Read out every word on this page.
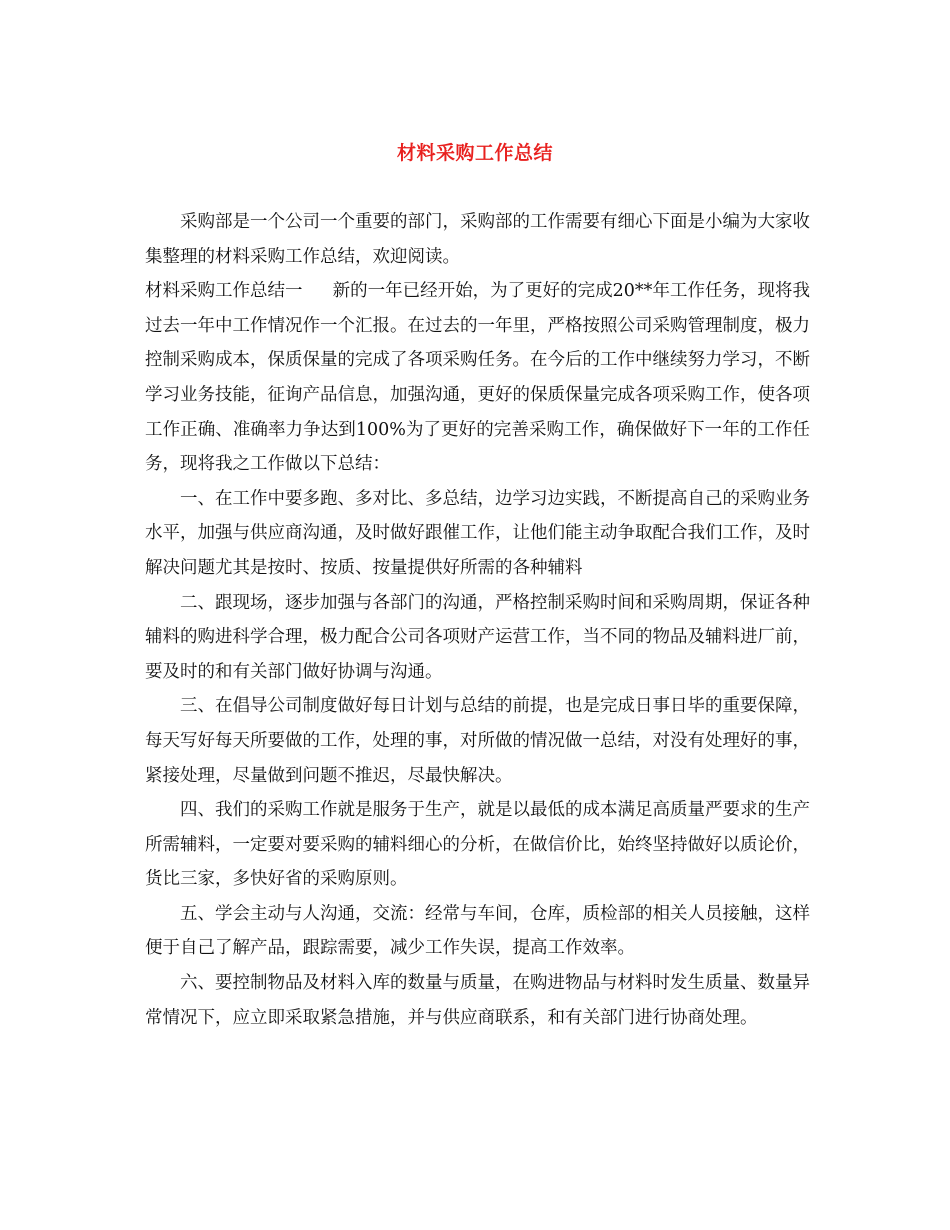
材料采购工作总结

采购部是一个公司一个重要的部门，采购部的工作需要有细心下面是小编为大家收集整理的材料采购工作总结，欢迎阅读。

材料采购工作总结一 新的一年已经开始，为了更好的完成20**年工作任务，现将我过去一年中工作情况作一个汇报。在过去的一年里，严格按照公司采购管理制度，极力控制采购成本，保质保量的完成了各项采购任务。在今后的工作中继续努力学习，不断学习业务技能，征询产品信息，加强沟通，更好的保质保量完成各项采购工作，使各项工作正确、准确率力争达到100%为了更好的完善采购工作，确保做好下一年的工作任务，现将我之工作做以下总结：

一、在工作中要多跑、多对比、多总结，边学习边实践，不断提高自己的采购业务水平，加强与供应商沟通，及时做好跟催工作，让他们能主动争取配合我们工作，及时解决问题尤其是按时、按质、按量提供好所需的各种辅料

二、跟现场，逐步加强与各部门的沟通，严格控制采购时间和采购周期，保证各种辅料的购进科学合理，极力配合公司各项财产运营工作，当不同的物品及辅料进厂前，要及时的和有关部门做好协调与沟通。

三、在倡导公司制度做好每日计划与总结的前提，也是完成日事日毕的重要保障，每天写好每天所要做的工作，处理的事，对所做的情况做一总结，对没有处理好的事，紧接处理，尽量做到问题不推迟，尽最快解决。

四、我们的采购工作就是服务于生产，就是以最低的成本满足高质量严要求的生产所需辅料，一定要对要采购的辅料细心的分析，在做信价比，始终坚持做好以质论价，货比三家，多快好省的采购原则。

五、学会主动与人沟通，交流：经常与车间，仓库，质检部的相关人员接触，这样便于自己了解产品，跟踪需要，减少工作失误，提高工作效率。

六、要控制物品及材料入库的数量与质量，在购进物品与材料时发生质量、数量异常情况下，应立即采取紧急措施，并与供应商联系，和有关部门进行协商处理。
